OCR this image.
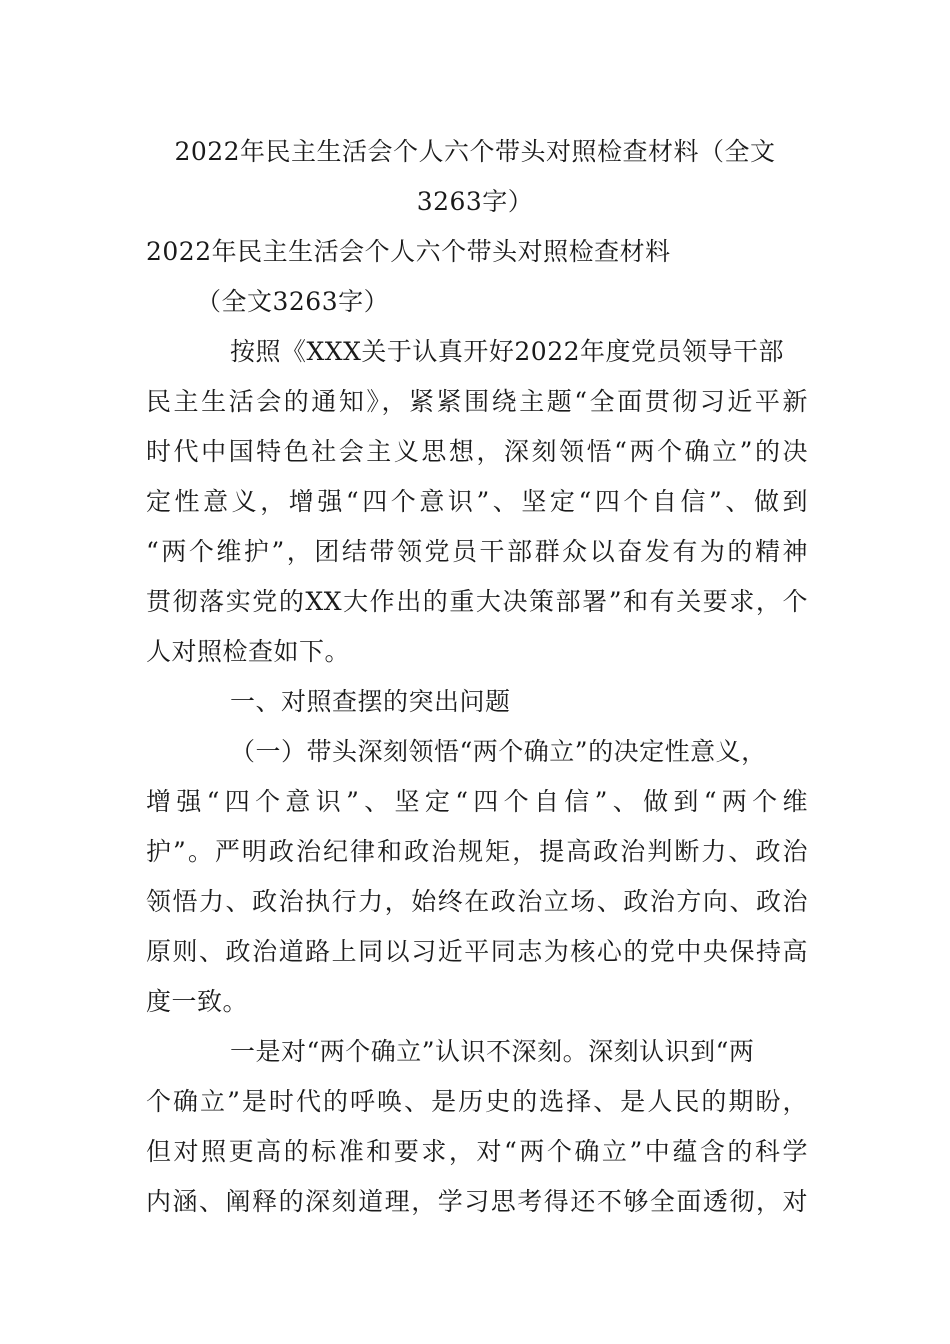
2022年民主生活会个人六个带头对照检查材料（全文
3263字）
2022年民主生活会个人六个带头对照检查材料
（全文3263字）
按照《XXX关于认真开好2022年度党员领导干部
民主生活会的通知》，紧紧围绕主题“全面贯彻习近平新
时代中国特色社会主义思想，深刻领悟“两个确立”的决
定性意义，增强“四个意识”、坚定“四个自信”、做到
“两个维护”，团结带领党员干部群众以奋发有为的精神
贯彻落实党的XX大作出的重大决策部署”和有关要求，个
人对照检查如下。
一、对照查摆的突出问题
（一）带头深刻领悟“两个确立”的决定性意义，
增强“四个意识”、坚定“四个自信”、做到“两个维
护”。严明政治纪律和政治规矩，提高政治判断力、政治
领悟力、政治执行力，始终在政治立场、政治方向、政治
原则、政治道路上同以习近平同志为核心的党中央保持高
度一致。
一是对“两个确立”认识不深刻。深刻认识到“两
个确立”是时代的呼唤、是历史的选择、是人民的期盼，
但对照更高的标准和要求，对“两个确立”中蕴含的科学
内涵、阐释的深刻道理，学习思考得还不够全面透彻，对
